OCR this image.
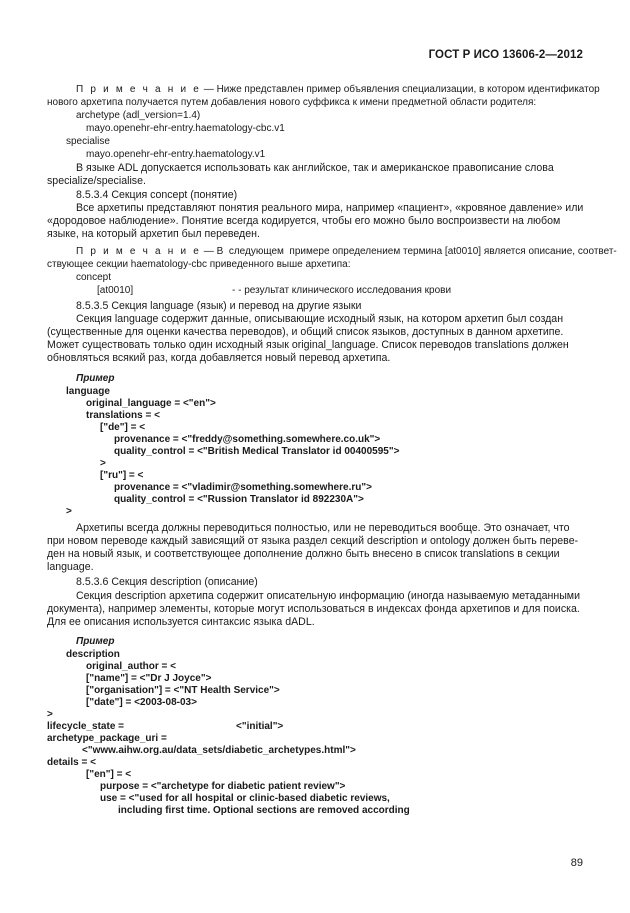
ГОСТ Р ИСО 13606-2—2012
П р и м е ч а н и е — Ниже представлен пример объявления специализации, в котором идентификатор
нового архетипа получается путем добавления нового суффикса к имени предметной области родителя:
archetype (adl_version=1.4)
mayo.openehr-ehr-entry.haematology-cbc.v1
specialise
mayo.openehr-ehr-entry.haematology.v1
В языке ADL допускается использовать как английское, так и американское правописание слова
specialize/specialise.
8.5.3.4 Секция concept (понятие)
Все архетипы представляют понятия реального мира, например «пациент», «кровяное давление» или
«дородовое наблюдение». Понятие всегда кодируется, чтобы его можно было воспроизвести на любом
языке, на который архетип был переведен.
П р и м е ч а н и е — В  следующем  примере определением термина [at0010] является описание, соответ-
ствующее секции haematology-cbc приведенного выше архетипа:
concept
[at0010]	- - результат клинического исследования крови
8.5.3.5 Секция language (язык) и перевод на другие языки
Секция language содержит данные, описывающие исходный язык, на котором архетип был создан
(существенные для оценки качества переводов), и общий список языков, доступных в данном архетипе.
Может существовать только один исходный язык original_language. Список переводов translations должен
обновляться всякий раз, когда добавляется новый перевод архетипа.
Пример
language
original_language = <"en">
translations = <
["de"] = <
provenance = <"freddy@something.somewhere.co.uk">
quality_control = <"British Medical Translator id 00400595">
>
["ru"] = <
provenance = <"vladimir@something.somewhere.ru">
quality_control = <"Russion Translator id 892230A">
>
Архетипы всегда должны переводиться полностью, или не переводиться вообще. Это означает, что
при новом переводе каждый зависящий от языка раздел секций description и ontology должен быть переве-
ден на новый язык, и соответствующее дополнение должно быть внесено в список translations в секции
language.
8.5.3.6 Секция description (описание)
Секция description архетипа содержит описательную информацию (иногда называемую метаданными
документа), например элементы, которые могут использоваться в индексах фонда архетипов и для поиска.
Для ее описания используется синтаксис языка dADL.
Пример
description
original_author = <
["name"] = <"Dr J Joyce">
["organisation"] = <"NT Health Service">
["date"] = <2003-08-03>
>
lifecycle_state =	<"initial">
archetype_package_uri =
<"www.aihw.org.au/data_sets/diabetic_archetypes.html">
details = <
["en"] = <
purpose = <"archetype for diabetic patient review">
use = <"used for all hospital or clinic-based diabetic reviews,
including first time. Optional sections are removed according
89
